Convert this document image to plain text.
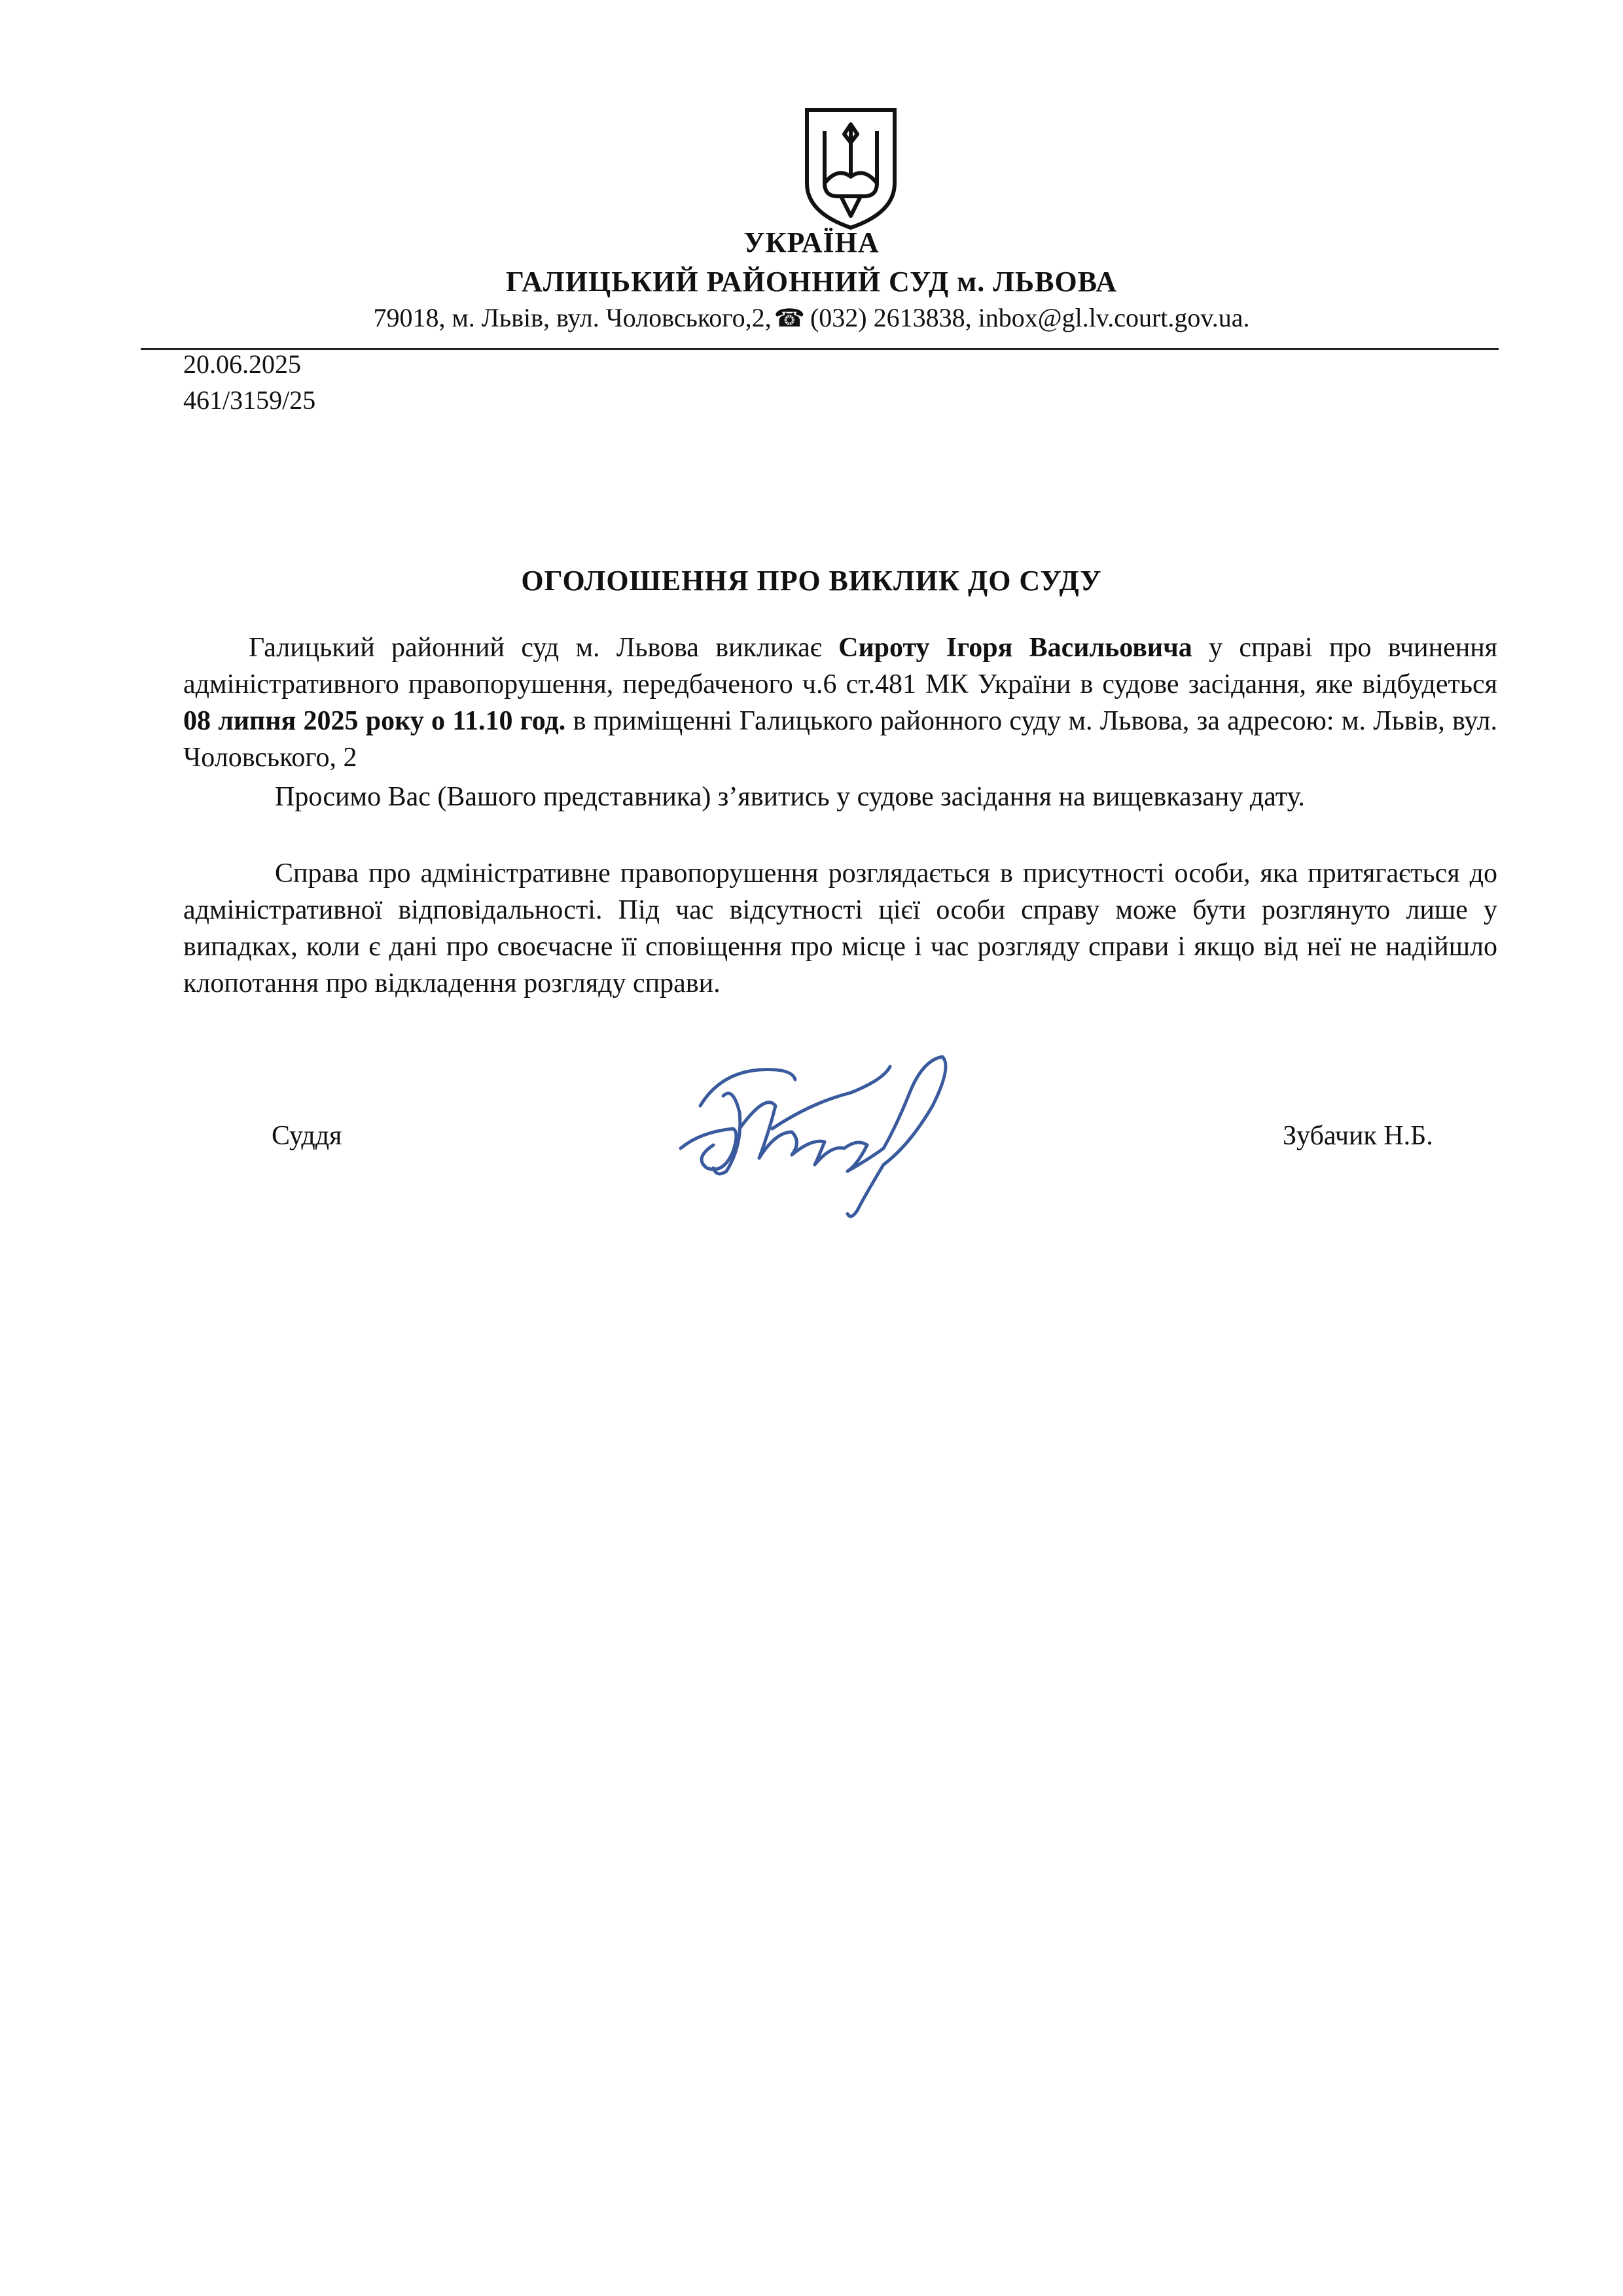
УКРАЇНА
ГАЛИЦЬКИЙ РАЙОННИЙ СУД м. ЛЬВОВА
79018, м. Львів, вул. Чоловського,2, ☎ (032) 2613838, inbox@gl.lv.court.gov.ua.
20.06.2025
461/3159/25
ОГОЛОШЕННЯ ПРО ВИКЛИК ДО СУДУ
Галицький районний суд м. Львова викликає Сироту Ігоря Васильовича у справі про вчинення адміністративного правопорушення, передбаченого ч.6 ст.481 МК України в судове засідання, яке відбудеться 08 липня 2025 року о 11.10 год. в приміщенні Галицького районного суду м. Львова, за адресою: м. Львів, вул. Чоловського, 2
Просимо Вас (Вашого представника) з’явитись у судове засідання на вищевказану дату.
Справа про адміністративне правопорушення розглядається в присутності особи, яка притягається до адміністративної відповідальності. Під час відсутності цієї особи справу може бути розглянуто лише у випадках, коли є дані про своєчасне її сповіщення про місце і час розгляду справи і якщо від неї не надійшло клопотання про відкладення розгляду справи.
Суддя	Зубачик Н.Б.
